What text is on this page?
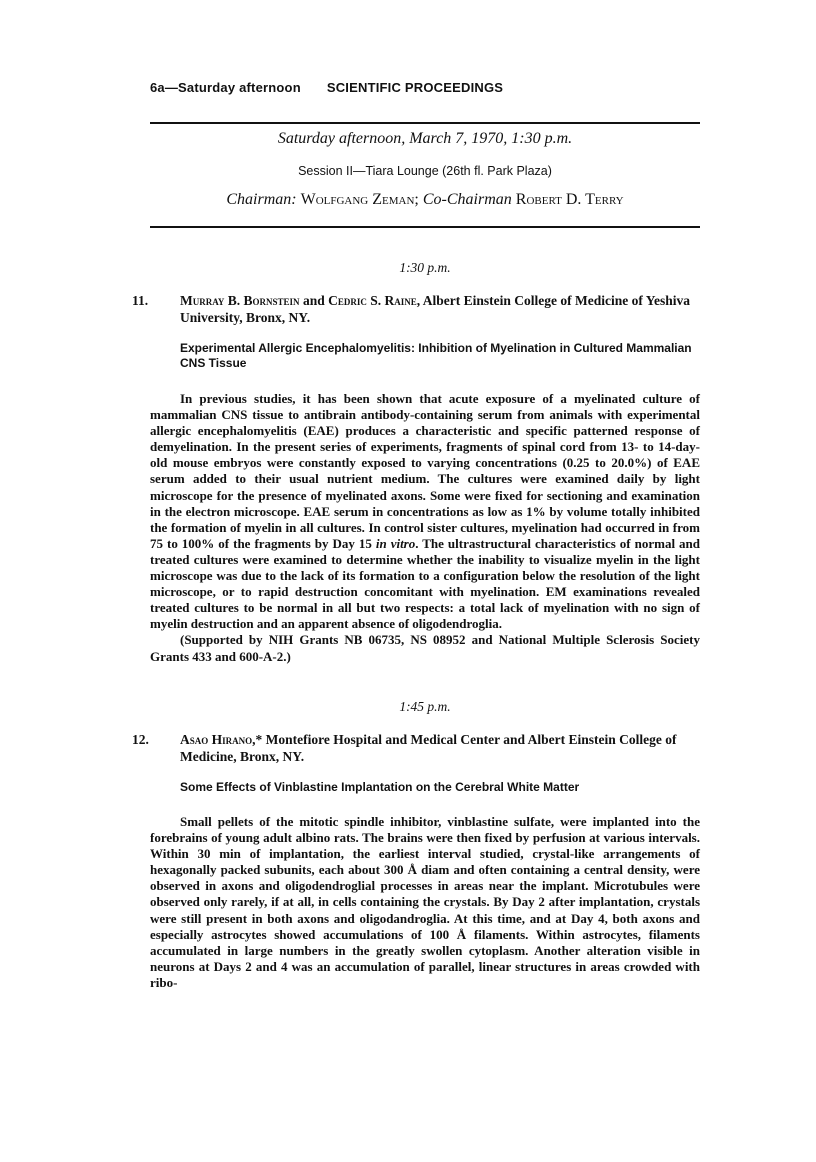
6a—Saturday afternoon SCIENTIFIC PROCEEDINGS
Saturday afternoon, March 7, 1970, 1:30 p.m.
Session II—Tiara Lounge (26th fl. Park Plaza)
Chairman: Wolfgang Zeman; Co-Chairman Robert D. Terry
1:30 p.m.
11. Murray B. Bornstein and Cedric S. Raine, Albert Einstein College of Medicine of Yeshiva University, Bronx, NY.
Experimental Allergic Encephalomyelitis: Inhibition of Myelination in Cultured Mammalian CNS Tissue

In previous studies, it has been shown that acute exposure of a myelinated culture of mammalian CNS tissue to antibrain antibody-containing serum from animals with experimental allergic encephalomyelitis (EAE) produces a characteristic and specific patterned response of demyelination. In the present series of experiments, fragments of spinal cord from 13- to 14-day-old mouse embryos were constantly exposed to varying concentrations (0.25 to 20.0%) of EAE serum added to their usual nutrient medium. The cultures were examined daily by light microscope for the presence of myelinated axons. Some were fixed for sectioning and examination in the electron microscope. EAE serum in concentrations as low as 1% by volume totally inhibited the formation of myelin in all cultures. In control sister cultures, myelination had occurred in from 75 to 100% of the fragments by Day 15 in vitro. The ultrastructural characteristics of normal and treated cultures were examined to determine whether the inability to visualize myelin in the light microscope was due to the lack of its formation to a configuration below the resolution of the light microscope, or to rapid destruction concomitant with myelination. EM examinations revealed treated cultures to be normal in all but two respects: a total lack of myelination with no sign of myelin destruction and an apparent absence of oligodendroglia.

(Supported by NIH Grants NB 06735, NS 08952 and National Multiple Sclerosis Society Grants 433 and 600-A-2.)

1:45 p.m.
12. Asao Hirano,* Montefiore Hospital and Medical Center and Albert Einstein College of Medicine, Bronx, NY.
Some Effects of Vinblastine Implantation on the Cerebral White Matter

Small pellets of the mitotic spindle inhibitor, vinblastine sulfate, were implanted into the forebrains of young adult albino rats. The brains were then fixed by perfusion at various intervals. Within 30 min of implantation, the earliest interval studied, crystal-like arrangements of hexagonally packed subunits, each about 300 Å diam and often containing a central density, were observed in axons and oligodendroglial processes in areas near the implant. Microtubules were observed only rarely, if at all, in cells containing the crystals. By Day 2 after implantation, crystals were still present in both axons and oligodandroglia. At this time, and at Day 4, both axons and especially astrocytes showed accumulations of 100 Å filaments. Within astrocytes, filaments accumulated in large numbers in the greatly swollen cytoplasm. Another alteration visible in neurons at Days 2 and 4 was an accumulation of parallel, linear structures in areas crowded with ribo-
